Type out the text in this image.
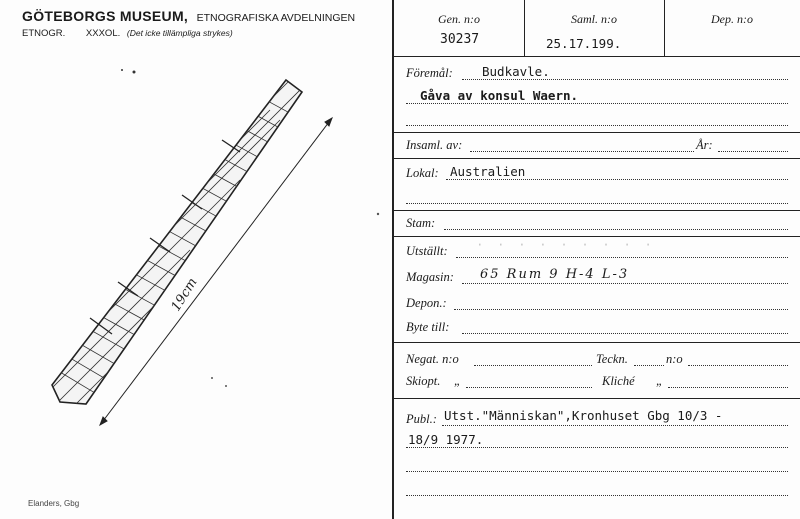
GÖTEBORGS MUSEUM, ETNOGRAFISKA AVDELNINGEN
ETNOGR. XXXOL. (Det icke tillämpliga strykes)
19cm
Elanders, Gbg
Gen. n:o
30237
Saml. n:o
25.17.199.
Dep. n:o
Föremål: Budkavle.
Gåva av konsul Waern.
Insaml. av:	År:
Lokal: Australien
Stam:
Utställt: · · · · · · · · ·
Magasin: 65 Rum 9 H-4 L-3
Depon.:
Byte till:
Negat. n:o	Teckn.	n:o
Skiopt. „	Kliché „
Publ.: Utst."Människan",Kronhuset Gbg 10/3 -
18/9 1977.
